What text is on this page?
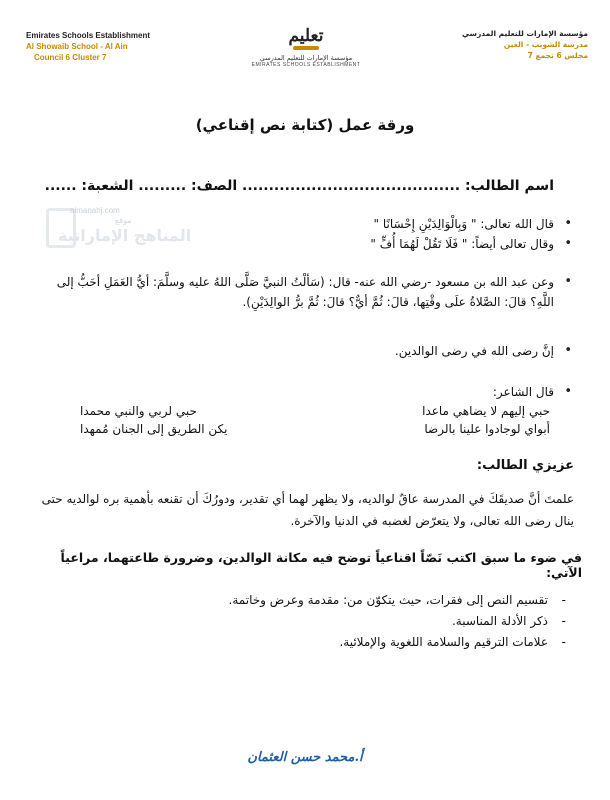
Emirates Schools Establishment
Al Showaib School - Al Ain
Council 6 Cluster 7
تعليم
مؤسسة الإمارات للتعليم المدرسي
EMIRATES SCHOOLS ESTABLISHMENT
مؤسسة الإمارات للتعليم المدرسي
مدرسة الشويب - العين
مجلس 6 تجمع 7
ورقة عمل (كتابة نص إقناعي)
اسم الطالب: ......................................... الصف: ......... الشعبة: ......
almanahj.com
موقع
المناهج الإماراتية
• قال الله تعالى: " وَبِالْوَالِدَيْنِ إِحْسَانًا "
• وقال تعالى أيضاً: " فَلَا تَقُلْ لَهُمَا أُفٍّ "
• وعن عبد الله بن مسعود -رضي الله عنه- قال: (سَألْتُ النبيَّ صَلَّى اللهُ عليه وسلَّمَ: أيُّ العَمَلِ أحَبُّ إلى اللَّهِ؟ قالَ: الصَّلاةُ علَى وقْتِها، قالَ: ثُمَّ أيٌّ؟ قالَ: ثُمَّ برُّ الوالِدَيْنِ).
• إنَّ رضى الله في رضى الوالدين.
• قال الشاعر:
حبي إليهم لا يضاهي ماعدا
حبي لربي والنبي محمدا
أبواي لوجادوا علينا بالرضا
يكن الطريق إلى الجنان مُمهدا
عزيزي الطالب:
علمتَ أنَّ صديقَكَ في المدرسة عاقٌ لوالديه، ولا يظهر لهما أي تقدير، ودورُكَ أن تقنعه بأهمية بره لوالديه حتى ينال رضى الله تعالى، ولا يتعرّض لغضبه في الدنيا والآخرة.
في ضوء ما سبق اكتب نَصّاً اقناعياً توضح فيه مكانة الوالدين، وضرورة طاعتهما، مراعياً الآتي:
- تقسيم النص إلى فقرات، حيث يتكوّن من: مقدمة وعرض وخاتمة.
- ذكر الأدلة المناسبة.
- علامات الترقيم والسلامة اللغوية والإملائية.
أ.محمد حسن العثمان
